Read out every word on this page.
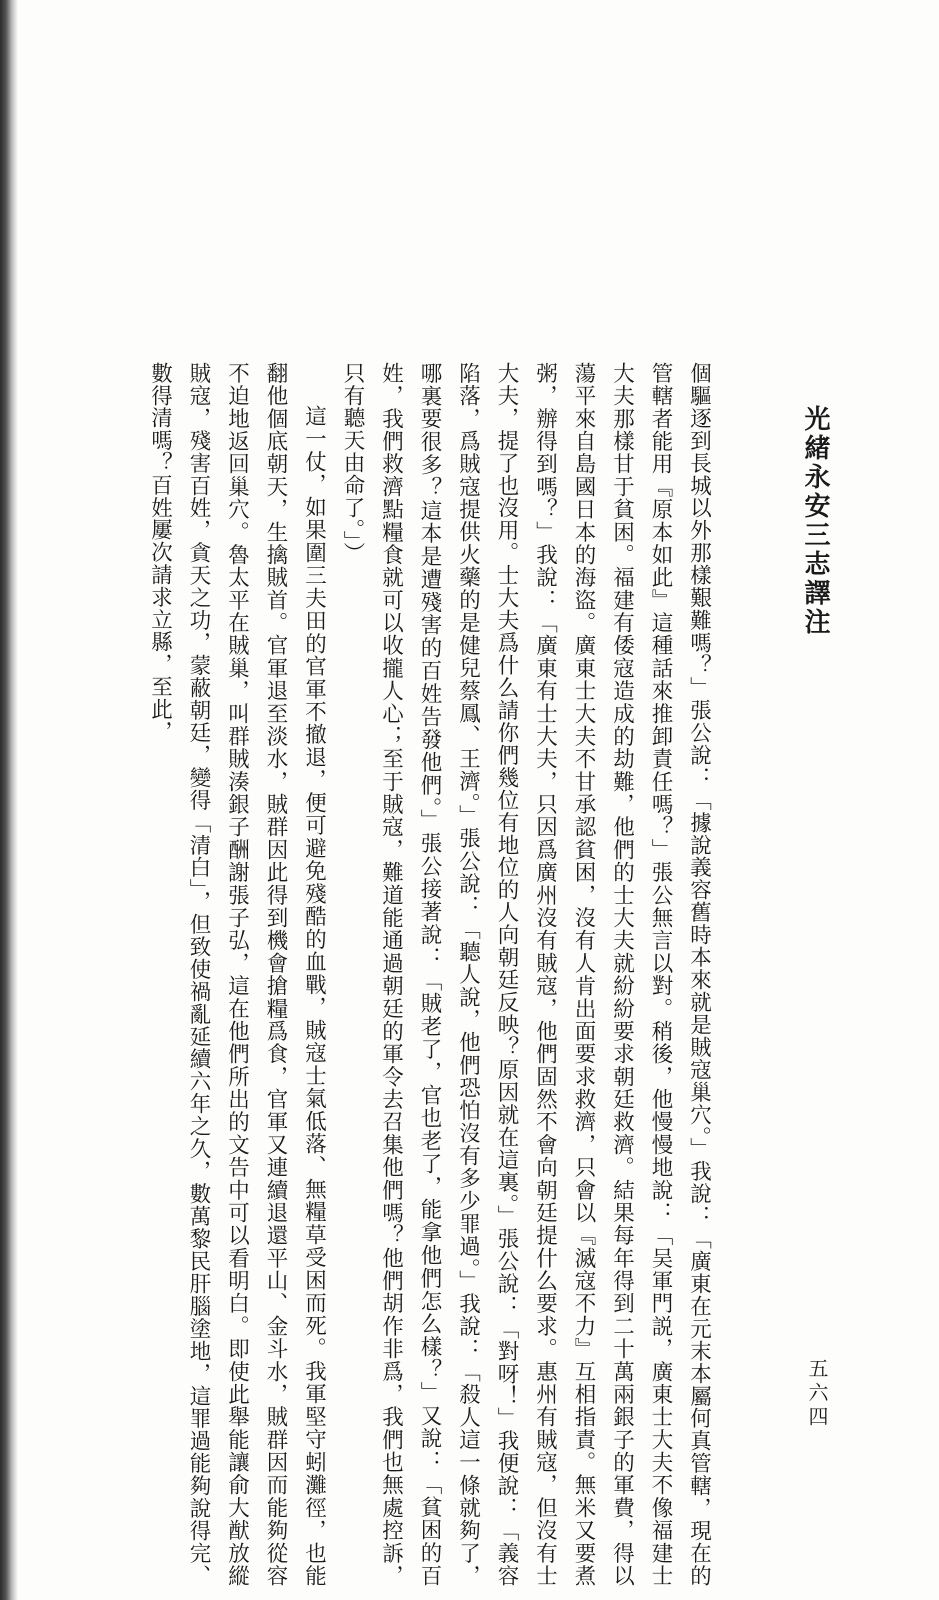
光緒永安三志譯注
五六四

個驅逐到長城以外那樣艱難嗎？」張公說：「據說義容舊時本來就是賊寇巢穴。」我說：「廣東在元末本屬何真管轄，現在的管轄者能用『原本如此』這種話來推卸責任嗎？」張公無言以對。稍後，他慢慢地說：「吴軍門説，廣東士大夫不像福建士大夫那樣甘于貧困。福建有倭寇造成的劫難，他們的士大夫就紛紛要求朝廷救濟。結果每年得到二十萬兩銀子的軍費，得以蕩平來自島國日本的海盜。廣東士大夫不甘承認貧困，沒有人肯出面要求救濟，只會以『滅寇不力』互相指責。無米又要煮粥，辦得到嗎？」我說：「廣東有士大夫，只因爲廣州沒有賊寇，他們固然不會向朝廷提什么要求。惠州有賊寇，但沒有士大夫，提了也沒用。士大夫爲什么請你們幾位有地位的人向朝廷反映？原因就在這裏。」張公說：「對呀！」我便說：「義容陷落，爲賊寇提供火藥的是健兒蔡鳳、王濟。」張公說：「聽人說，他們恐怕沒有多少罪過。」我說：「殺人這一條就夠了，哪裏要很多？這本是遭殘害的百姓告發他們。」張公接著說：「賊老了，官也老了，能拿他們怎么樣？」又說：「貧困的百姓，我們救濟點糧食就可以收攏人心；至于賊寇，難道能通過朝廷的軍令去召集他們嗎？他們胡作非爲，我們也無處控訴，只有聽天由命了。」）

這一仗，如果圍三夫田的官軍不撤退，便可避免殘酷的血戰，賊寇士氣低落、無糧草受困而死。我軍堅守蚓灘徑，也能翻他個底朝天，生擒賊首。官軍退至淡水，賊群因此得到機會搶糧爲食，官軍又連續退還平山、金斗水，賊群因而能夠從容不迫地返回巢穴。魯太平在賊巢，叫群賊湊銀子酬謝張子弘，這在他們所出的文告中可以看明白。即使此舉能讓俞大猷放縱賊寇，殘害百姓，貪天之功，蒙蔽朝廷，變得「清白」，但致使禍亂延續六年之久，數萬黎民肝腦塗地，這罪過能夠說得完、數得清嗎？百姓屢次請求立縣，至此，
